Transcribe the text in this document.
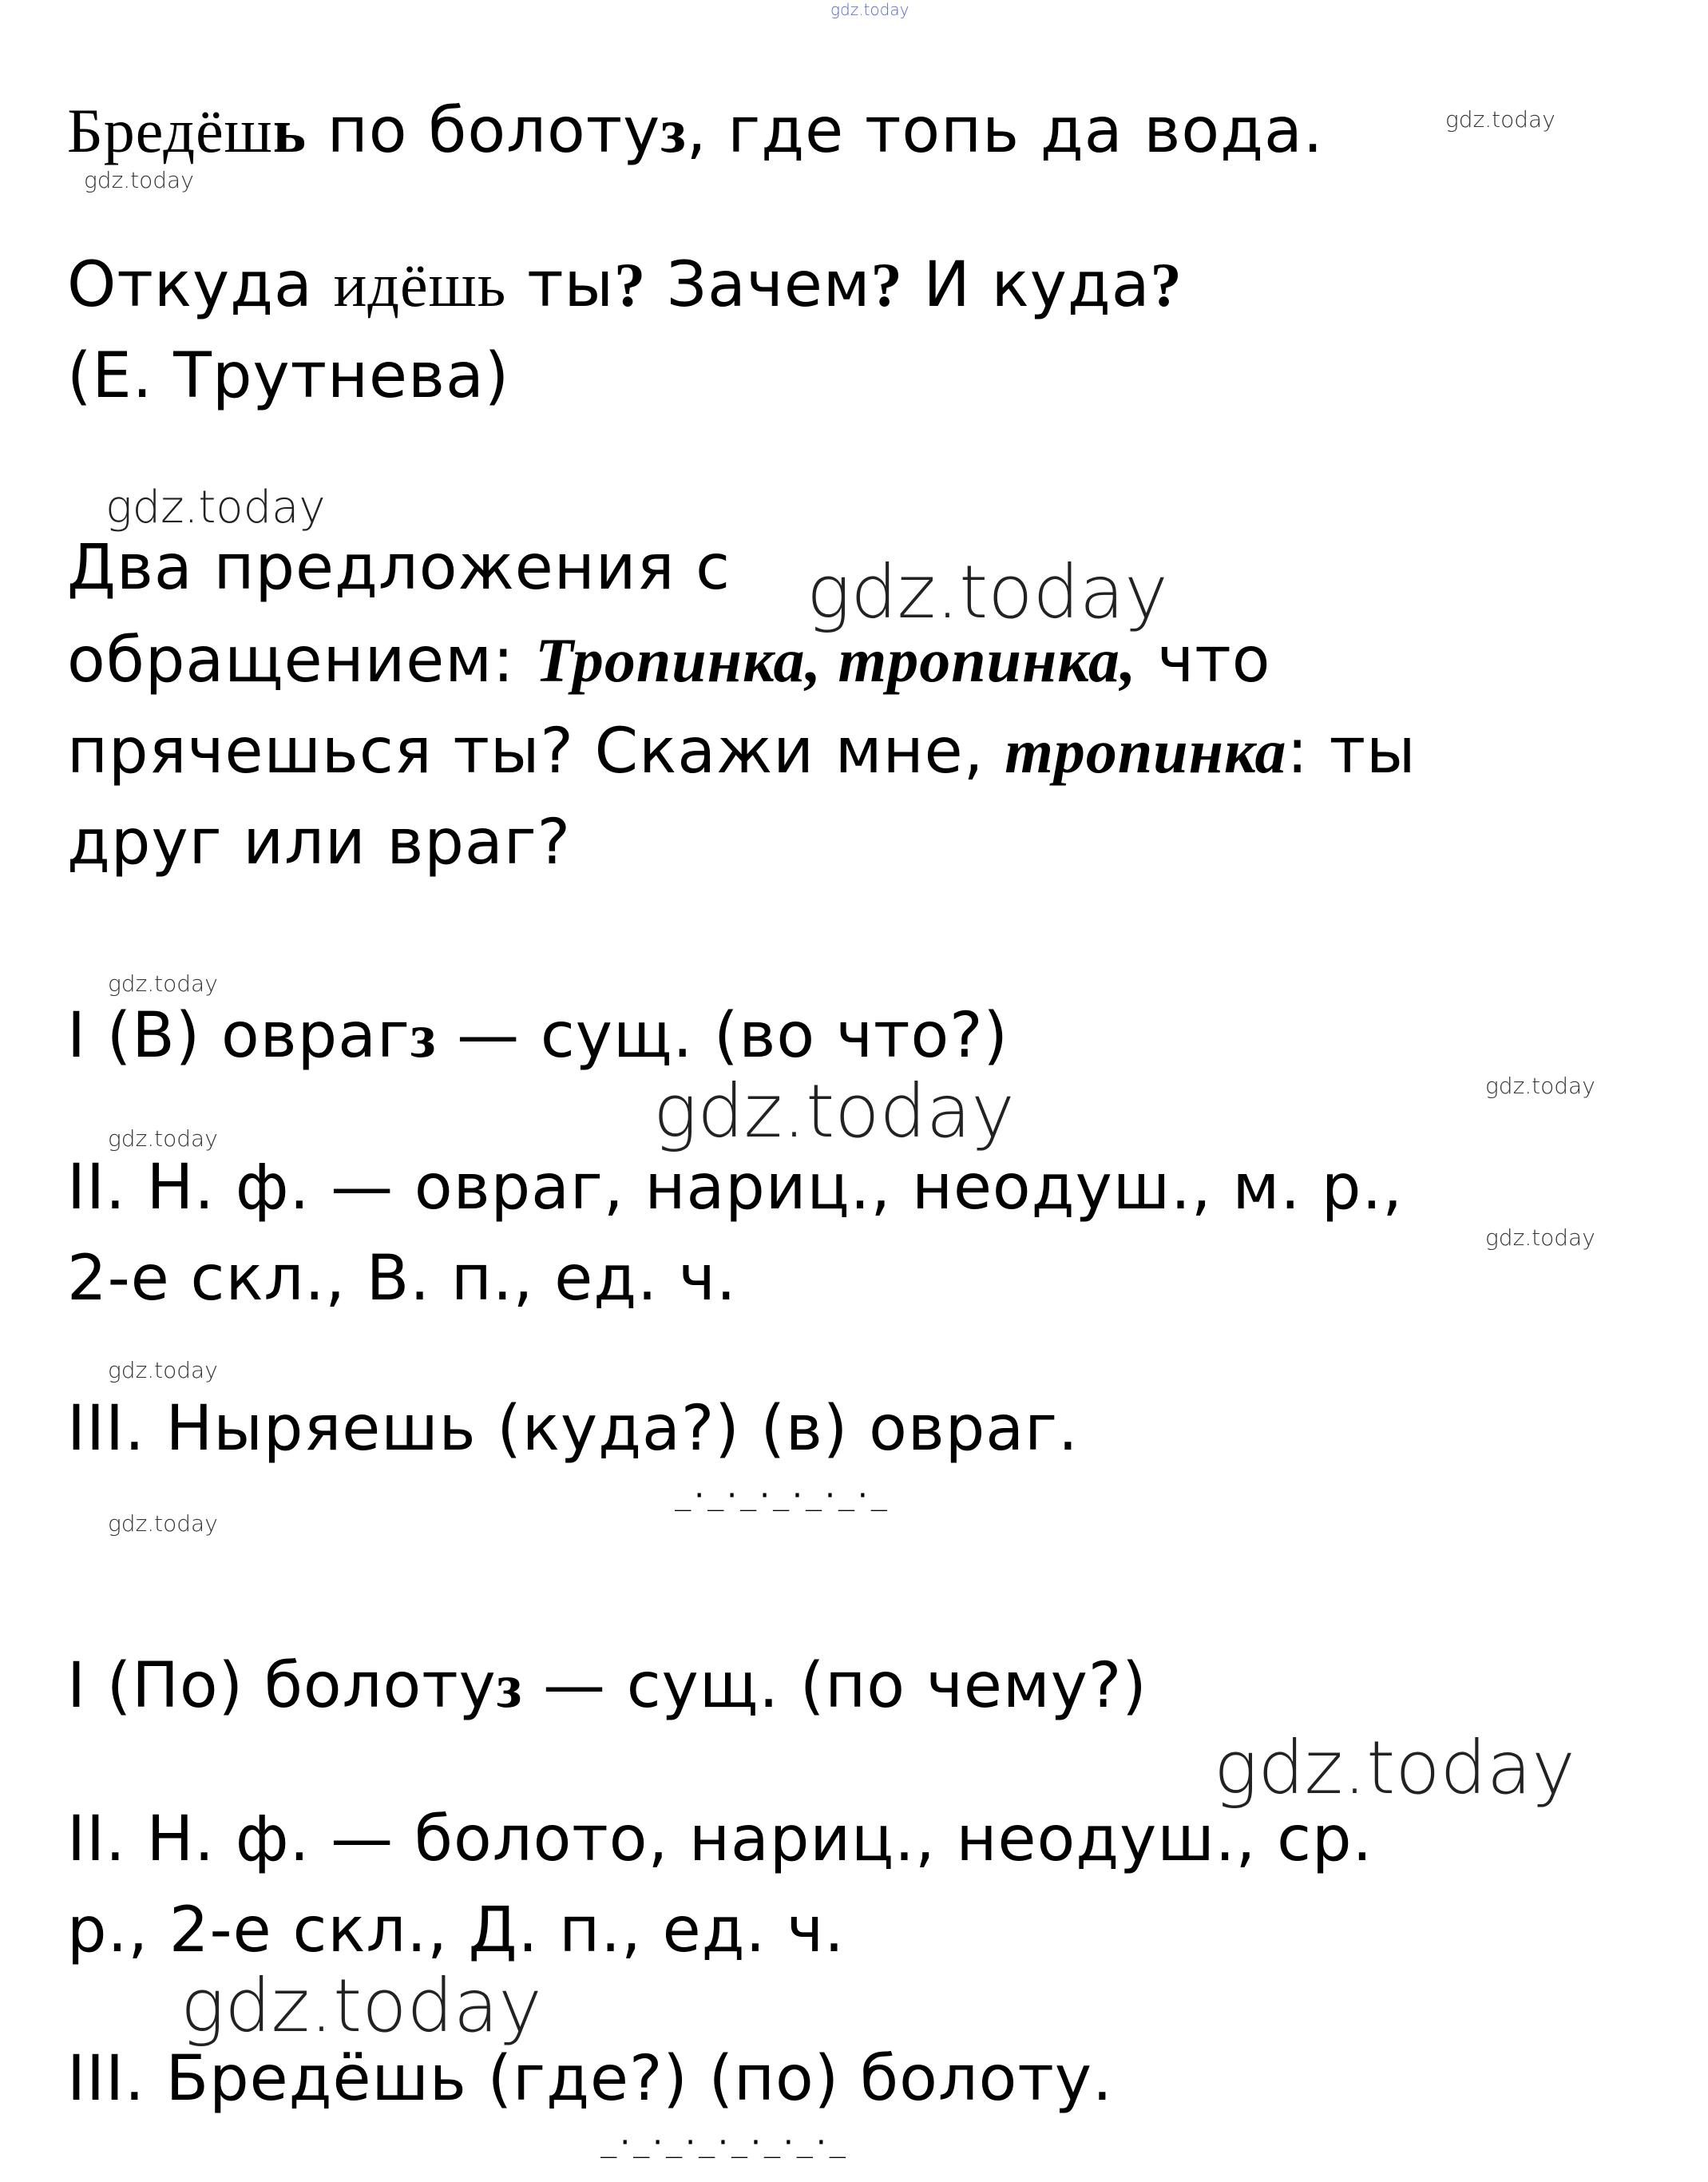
gdz.today
Бредёшь по болотуз, где топь да вода.	gdz.today
gdz.today
Откуда идёшь ты? Зачем? И куда?
(Е. Трутнева)
gdz.today
Два предложения с gdz.today
обращением: Тропинка, тропинка, что
прячешься ты? Скажи мне, тропинка: ты
друг или враг?
gdz.today
I (В) оврагз — сущ. (во что?)
gdz.today
gdz.today
gdz.today
II. Н. ф. — овраг, нариц., неодуш., м. р.,
gdz.today
2-е скл., В. п., ед. ч.
gdz.today
III. Ныряешь (куда?) (в) овраг.
_·_·_·_·_·_·_
gdz.today
I (По) болотуз — сущ. (по чему?)
gdz.today
II. Н. ф. — болото, нариц., неодуш., ср.
р., 2-е скл., Д. п., ед. ч.
gdz.today
III. Бредёшь (где?) (по) болоту.
_·_·_·_·_·_·_·_
